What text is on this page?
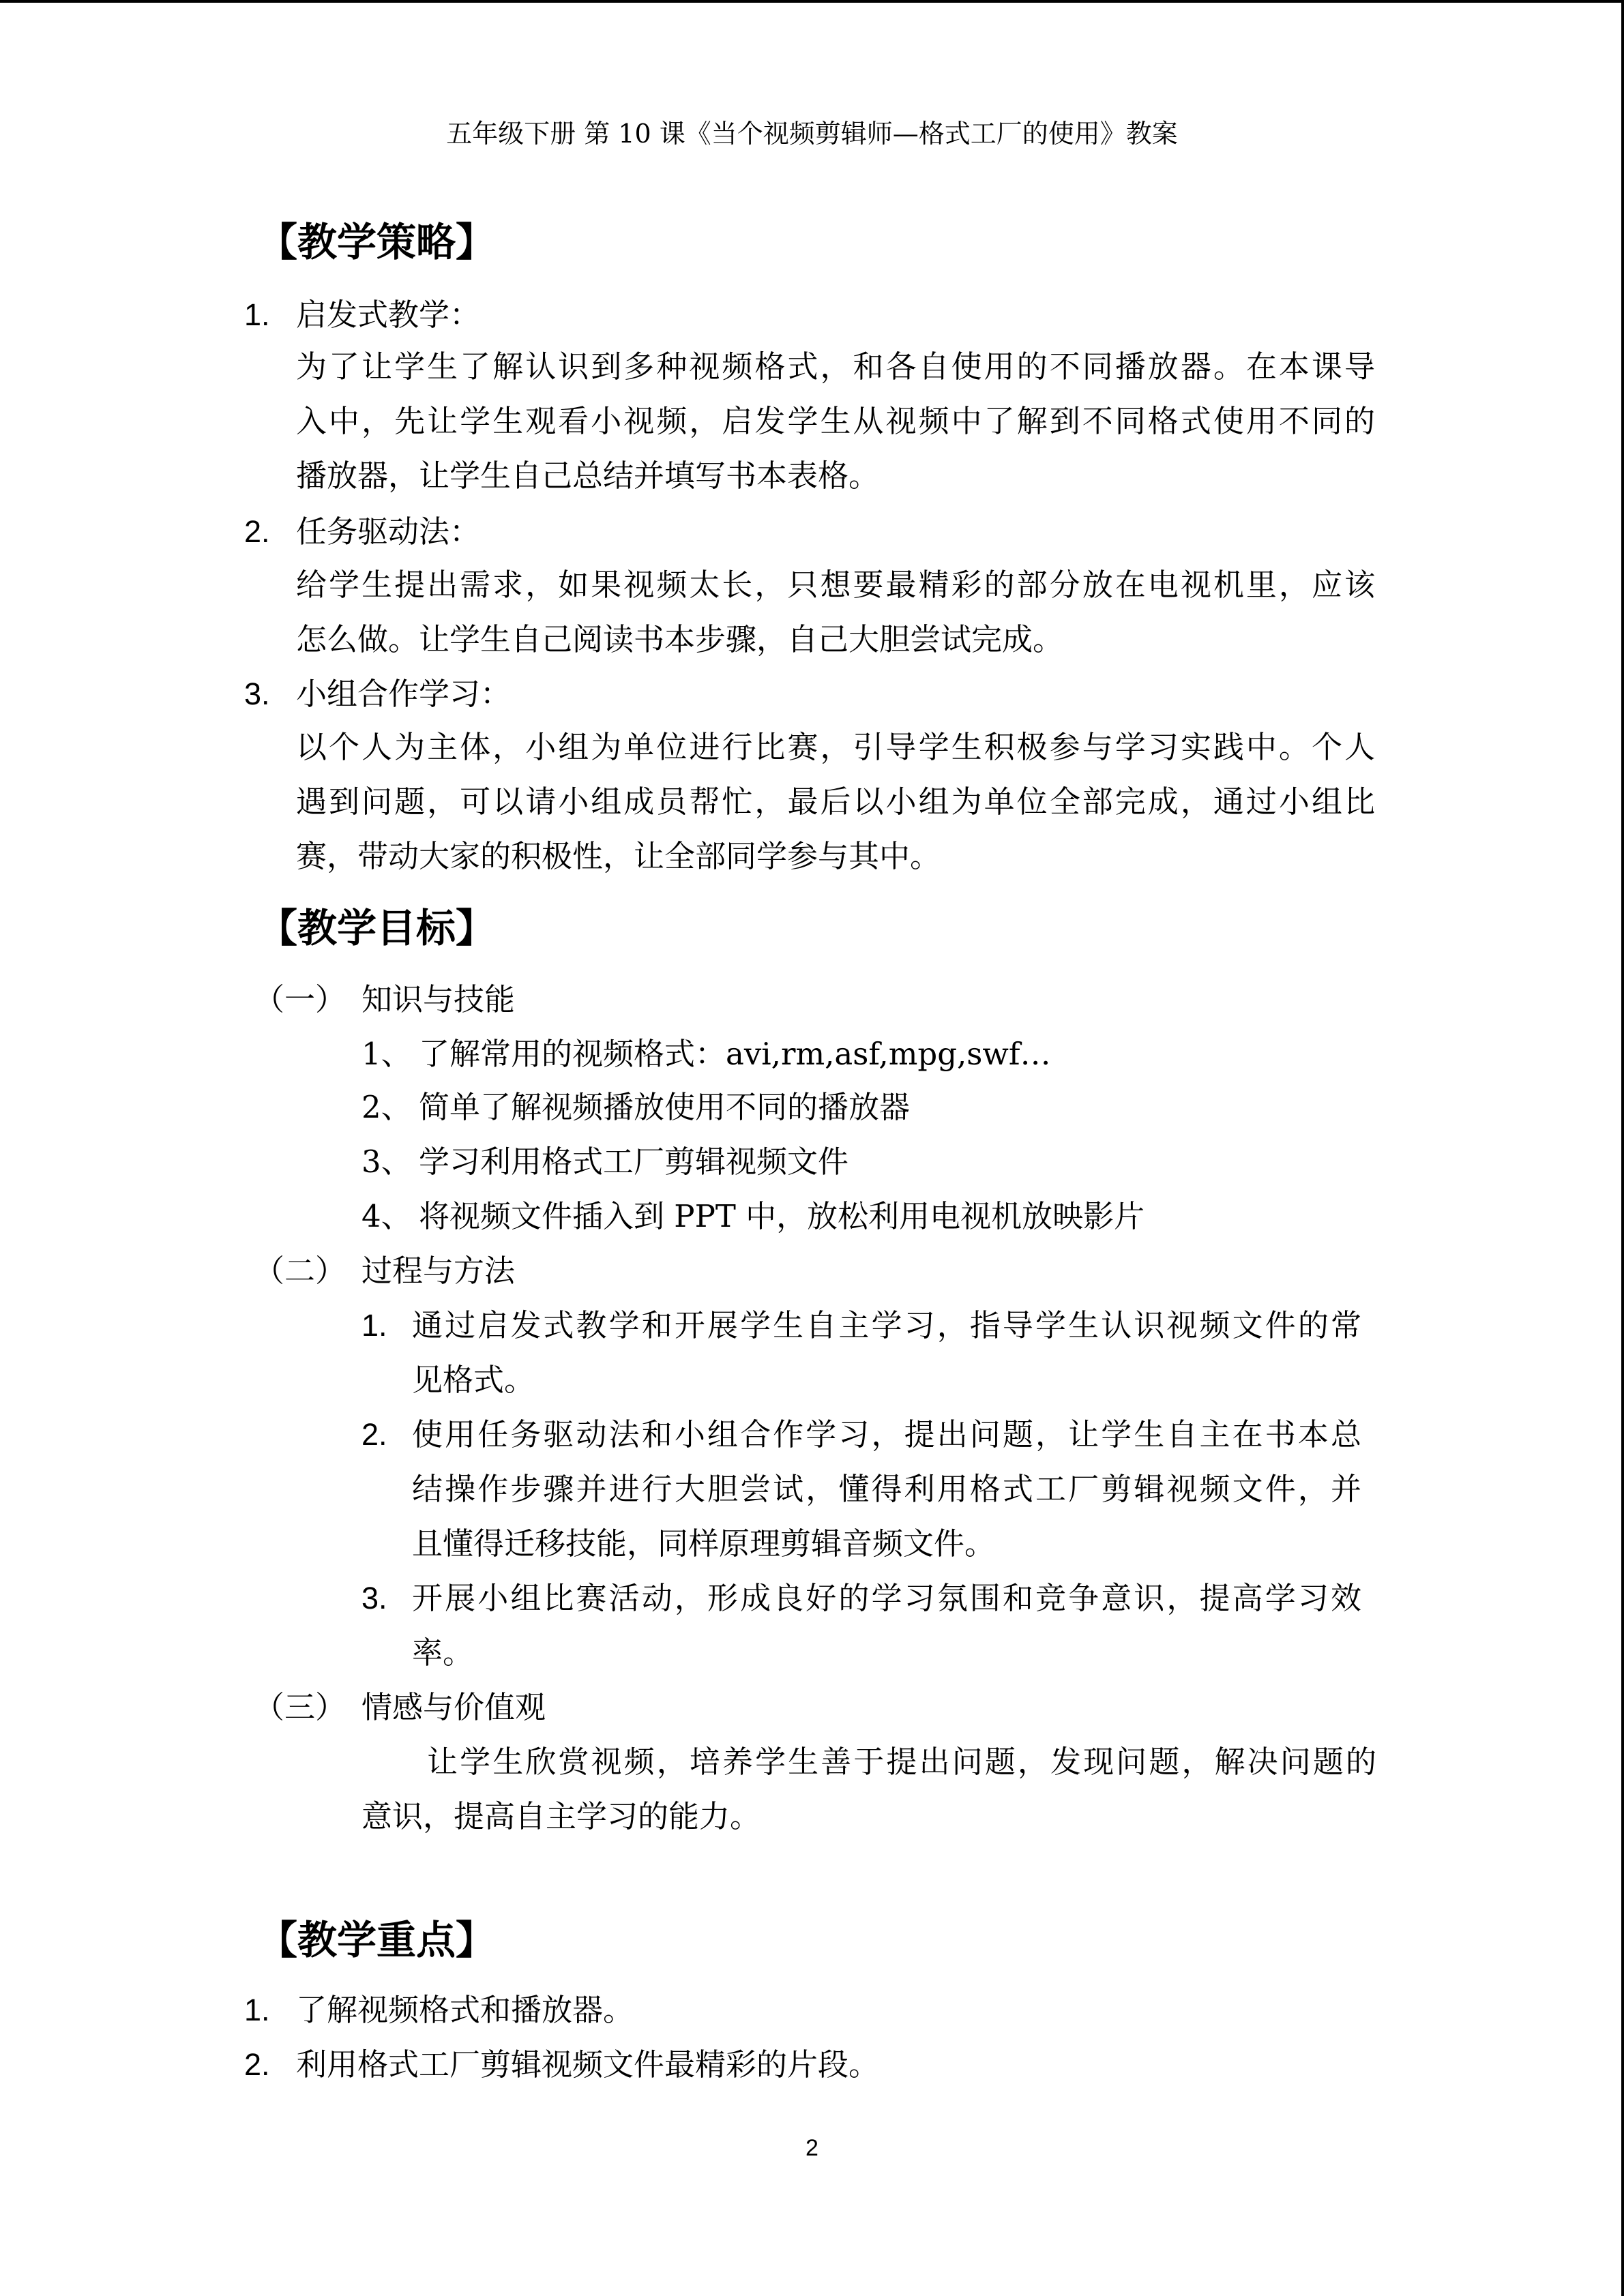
五年级下册 第 10 课《当个视频剪辑师—格式工厂的使用》教案
【教学策略】
1. 启发式教学：
为了让学生了解认识到多种视频格式，和各自使用的不同播放器。在本课导
入中，先让学生观看小视频，启发学生从视频中了解到不同格式使用不同的
播放器，让学生自己总结并填写书本表格。
2. 任务驱动法：
给学生提出需求，如果视频太长，只想要最精彩的部分放在电视机里，应该
怎么做。让学生自己阅读书本步骤，自己大胆尝试完成。
3. 小组合作学习：
以个人为主体，小组为单位进行比赛，引导学生积极参与学习实践中。个人
遇到问题，可以请小组成员帮忙，最后以小组为单位全部完成，通过小组比
赛，带动大家的积极性，让全部同学参与其中。
【教学目标】
（一） 知识与技能
1、 了解常用的视频格式：avi,rm,asf,mpg,swf…
2、 简单了解视频播放使用不同的播放器
3、 学习利用格式工厂剪辑视频文件
4、 将视频文件插入到 PPT 中，放松利用电视机放映影片
（二） 过程与方法
1. 通过启发式教学和开展学生自主学习，指导学生认识视频文件的常
见格式。
2. 使用任务驱动法和小组合作学习，提出问题，让学生自主在书本总
结操作步骤并进行大胆尝试，懂得利用格式工厂剪辑视频文件，并
且懂得迁移技能，同样原理剪辑音频文件。
3. 开展小组比赛活动，形成良好的学习氛围和竞争意识，提高学习效
率。
（三） 情感与价值观
让学生欣赏视频，培养学生善于提出问题，发现问题，解决问题的
意识，提高自主学习的能力。
【教学重点】
1. 了解视频格式和播放器。
2. 利用格式工厂剪辑视频文件最精彩的片段。
2
